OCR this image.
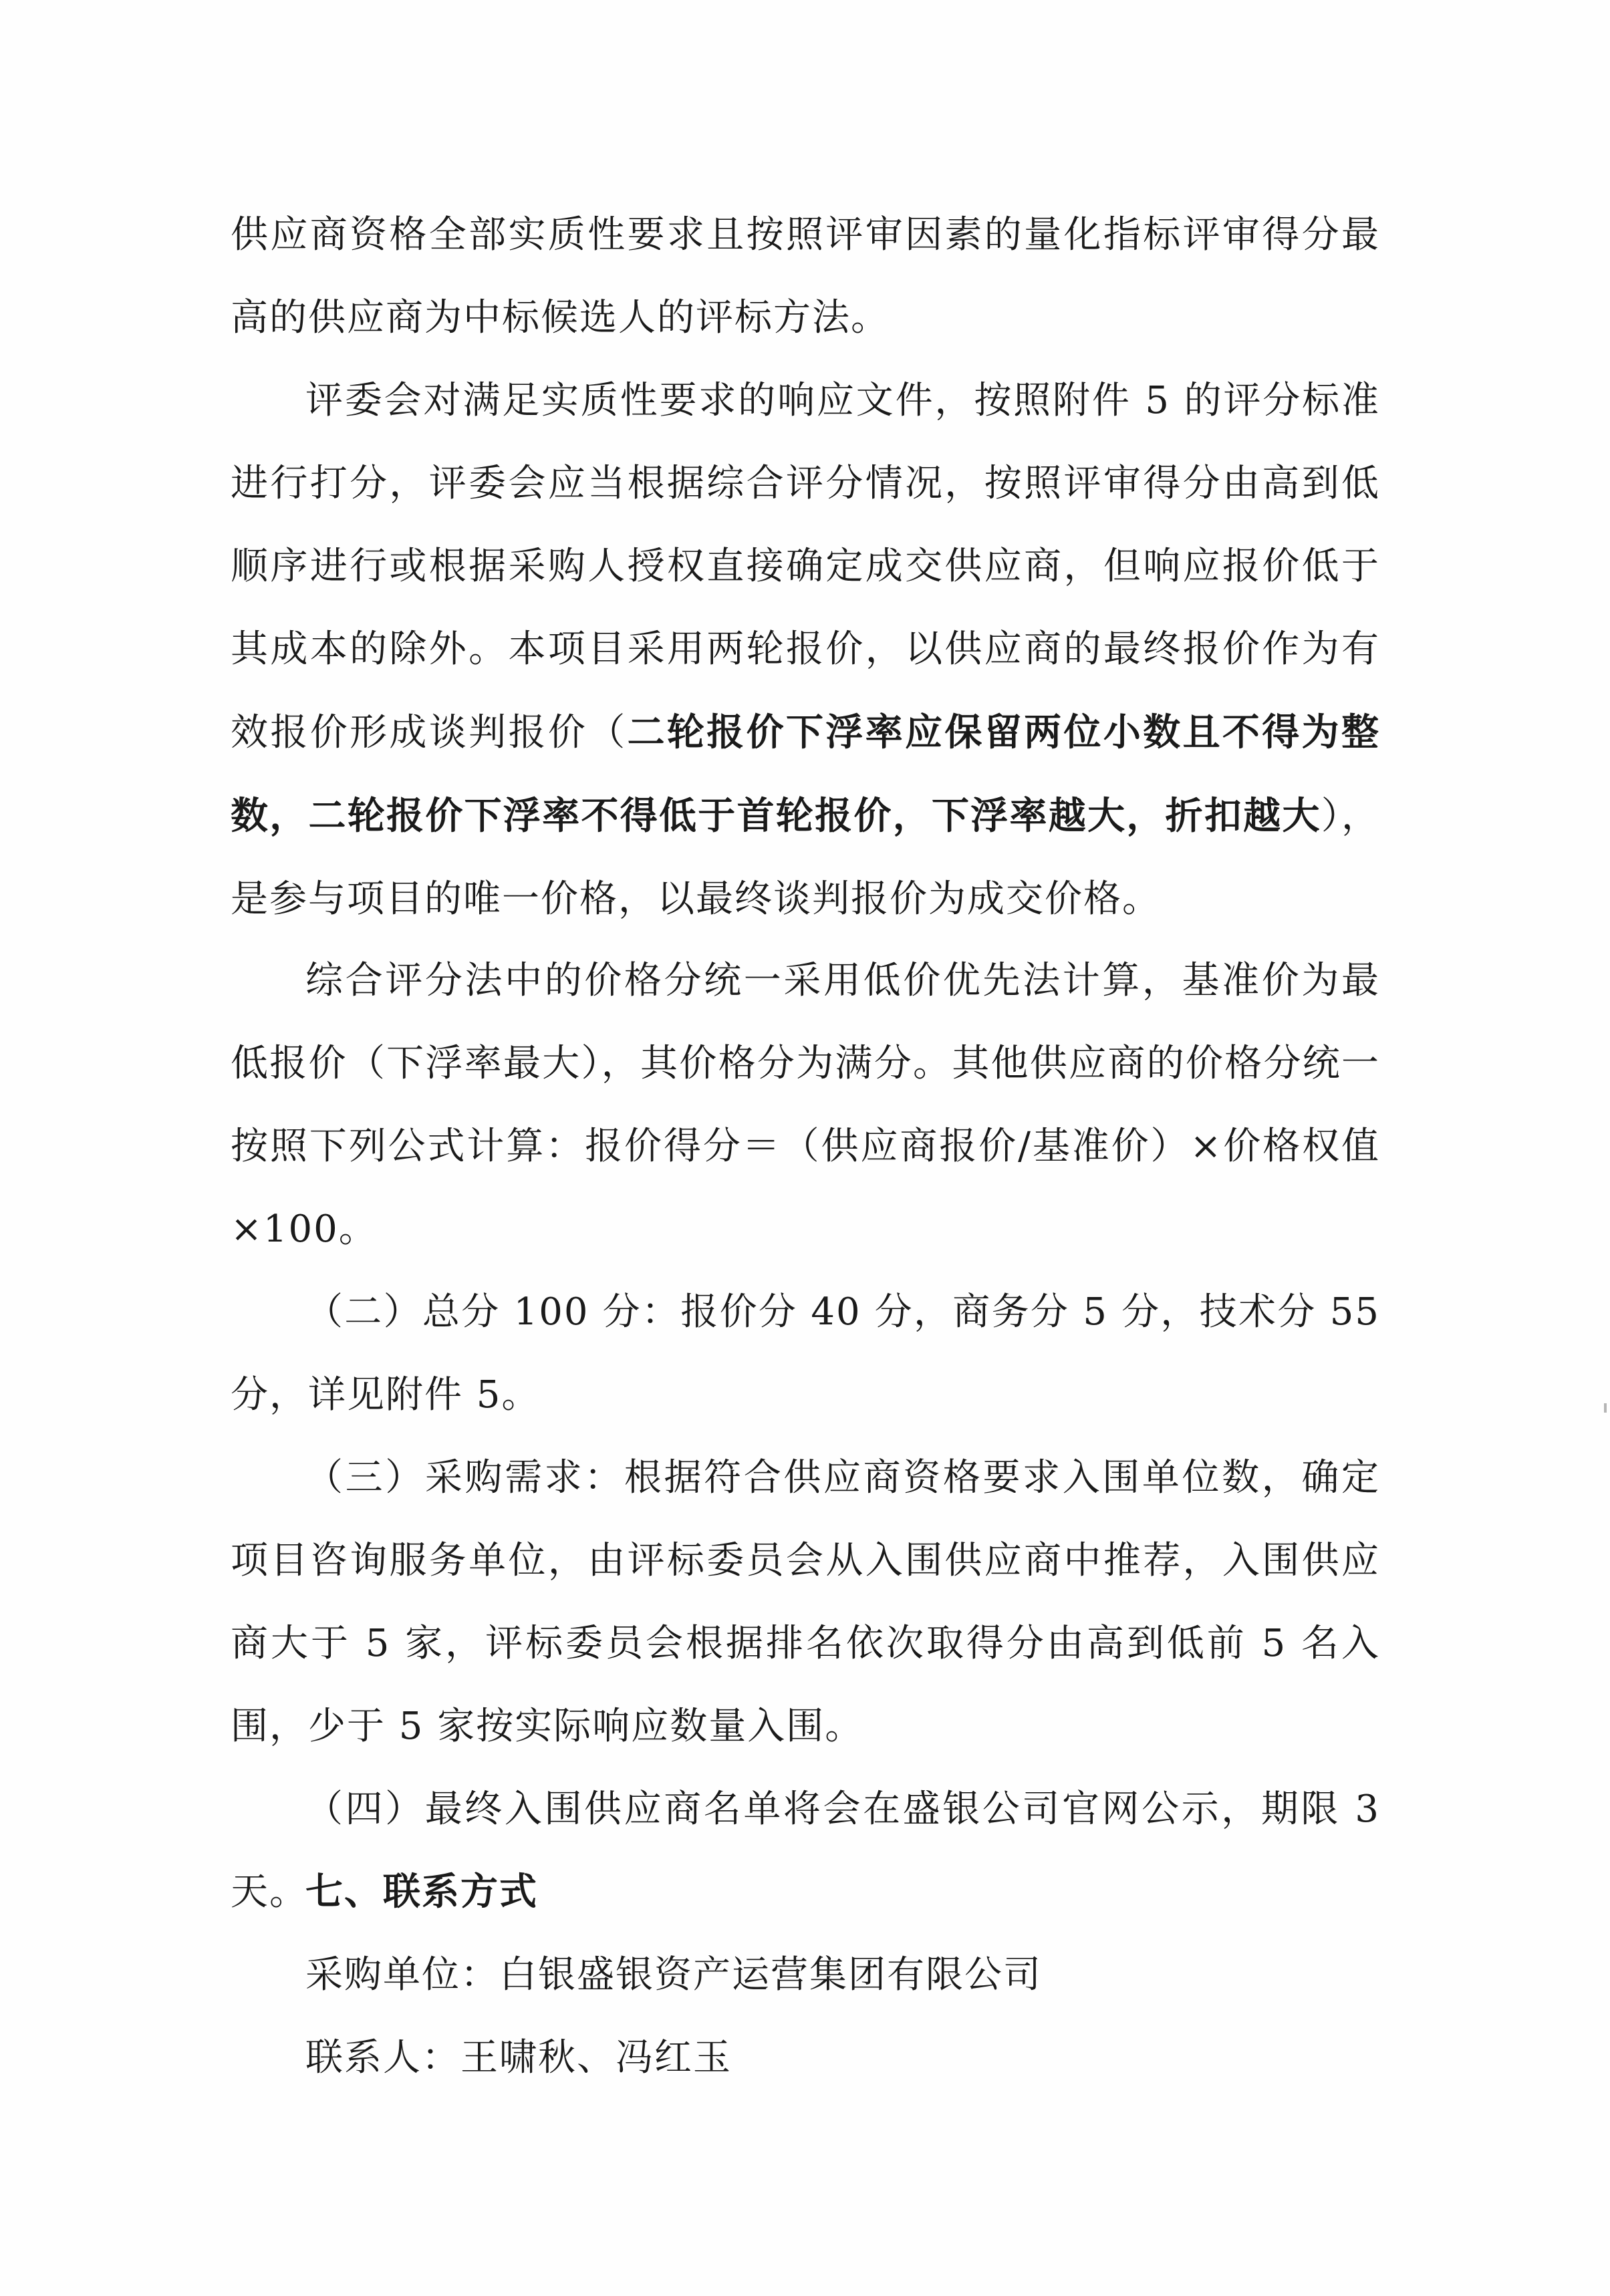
供应商资格全部实质性要求且按照评审因素的量化指标评审得分最高的供应商为中标候选人的评标方法。

评委会对满足实质性要求的响应文件，按照附件 5 的评分标准进行打分，评委会应当根据综合评分情况，按照评审得分由高到低顺序进行或根据采购人授权直接确定成交供应商，但响应报价低于其成本的除外。本项目采用两轮报价，以供应商的最终报价作为有效报价形成谈判报价（二轮报价下浮率应保留两位小数且不得为整数，二轮报价下浮率不得低于首轮报价，下浮率越大，折扣越大），是参与项目的唯一价格，以最终谈判报价为成交价格。

综合评分法中的价格分统一采用低价优先法计算，基准价为最低报价（下浮率最大），其价格分为满分。其他供应商的价格分统一按照下列公式计算：报价得分＝（供应商报价/基准价）×价格权值×100。

（二）总分 100 分：报价分 40 分，商务分 5 分，技术分 55 分，详见附件 5。

（三）采购需求：根据符合供应商资格要求入围单位数，确定项目咨询服务单位，由评标委员会从入围供应商中推荐，入围供应商大于 5 家，评标委员会根据排名依次取得分由高到低前 5 名入围，少于 5 家按实际响应数量入围。

（四）最终入围供应商名单将会在盛银公司官网公示，期限 3 天。

七、联系方式

采购单位：白银盛银资产运营集团有限公司

联系人：王啸秋、冯红玉
